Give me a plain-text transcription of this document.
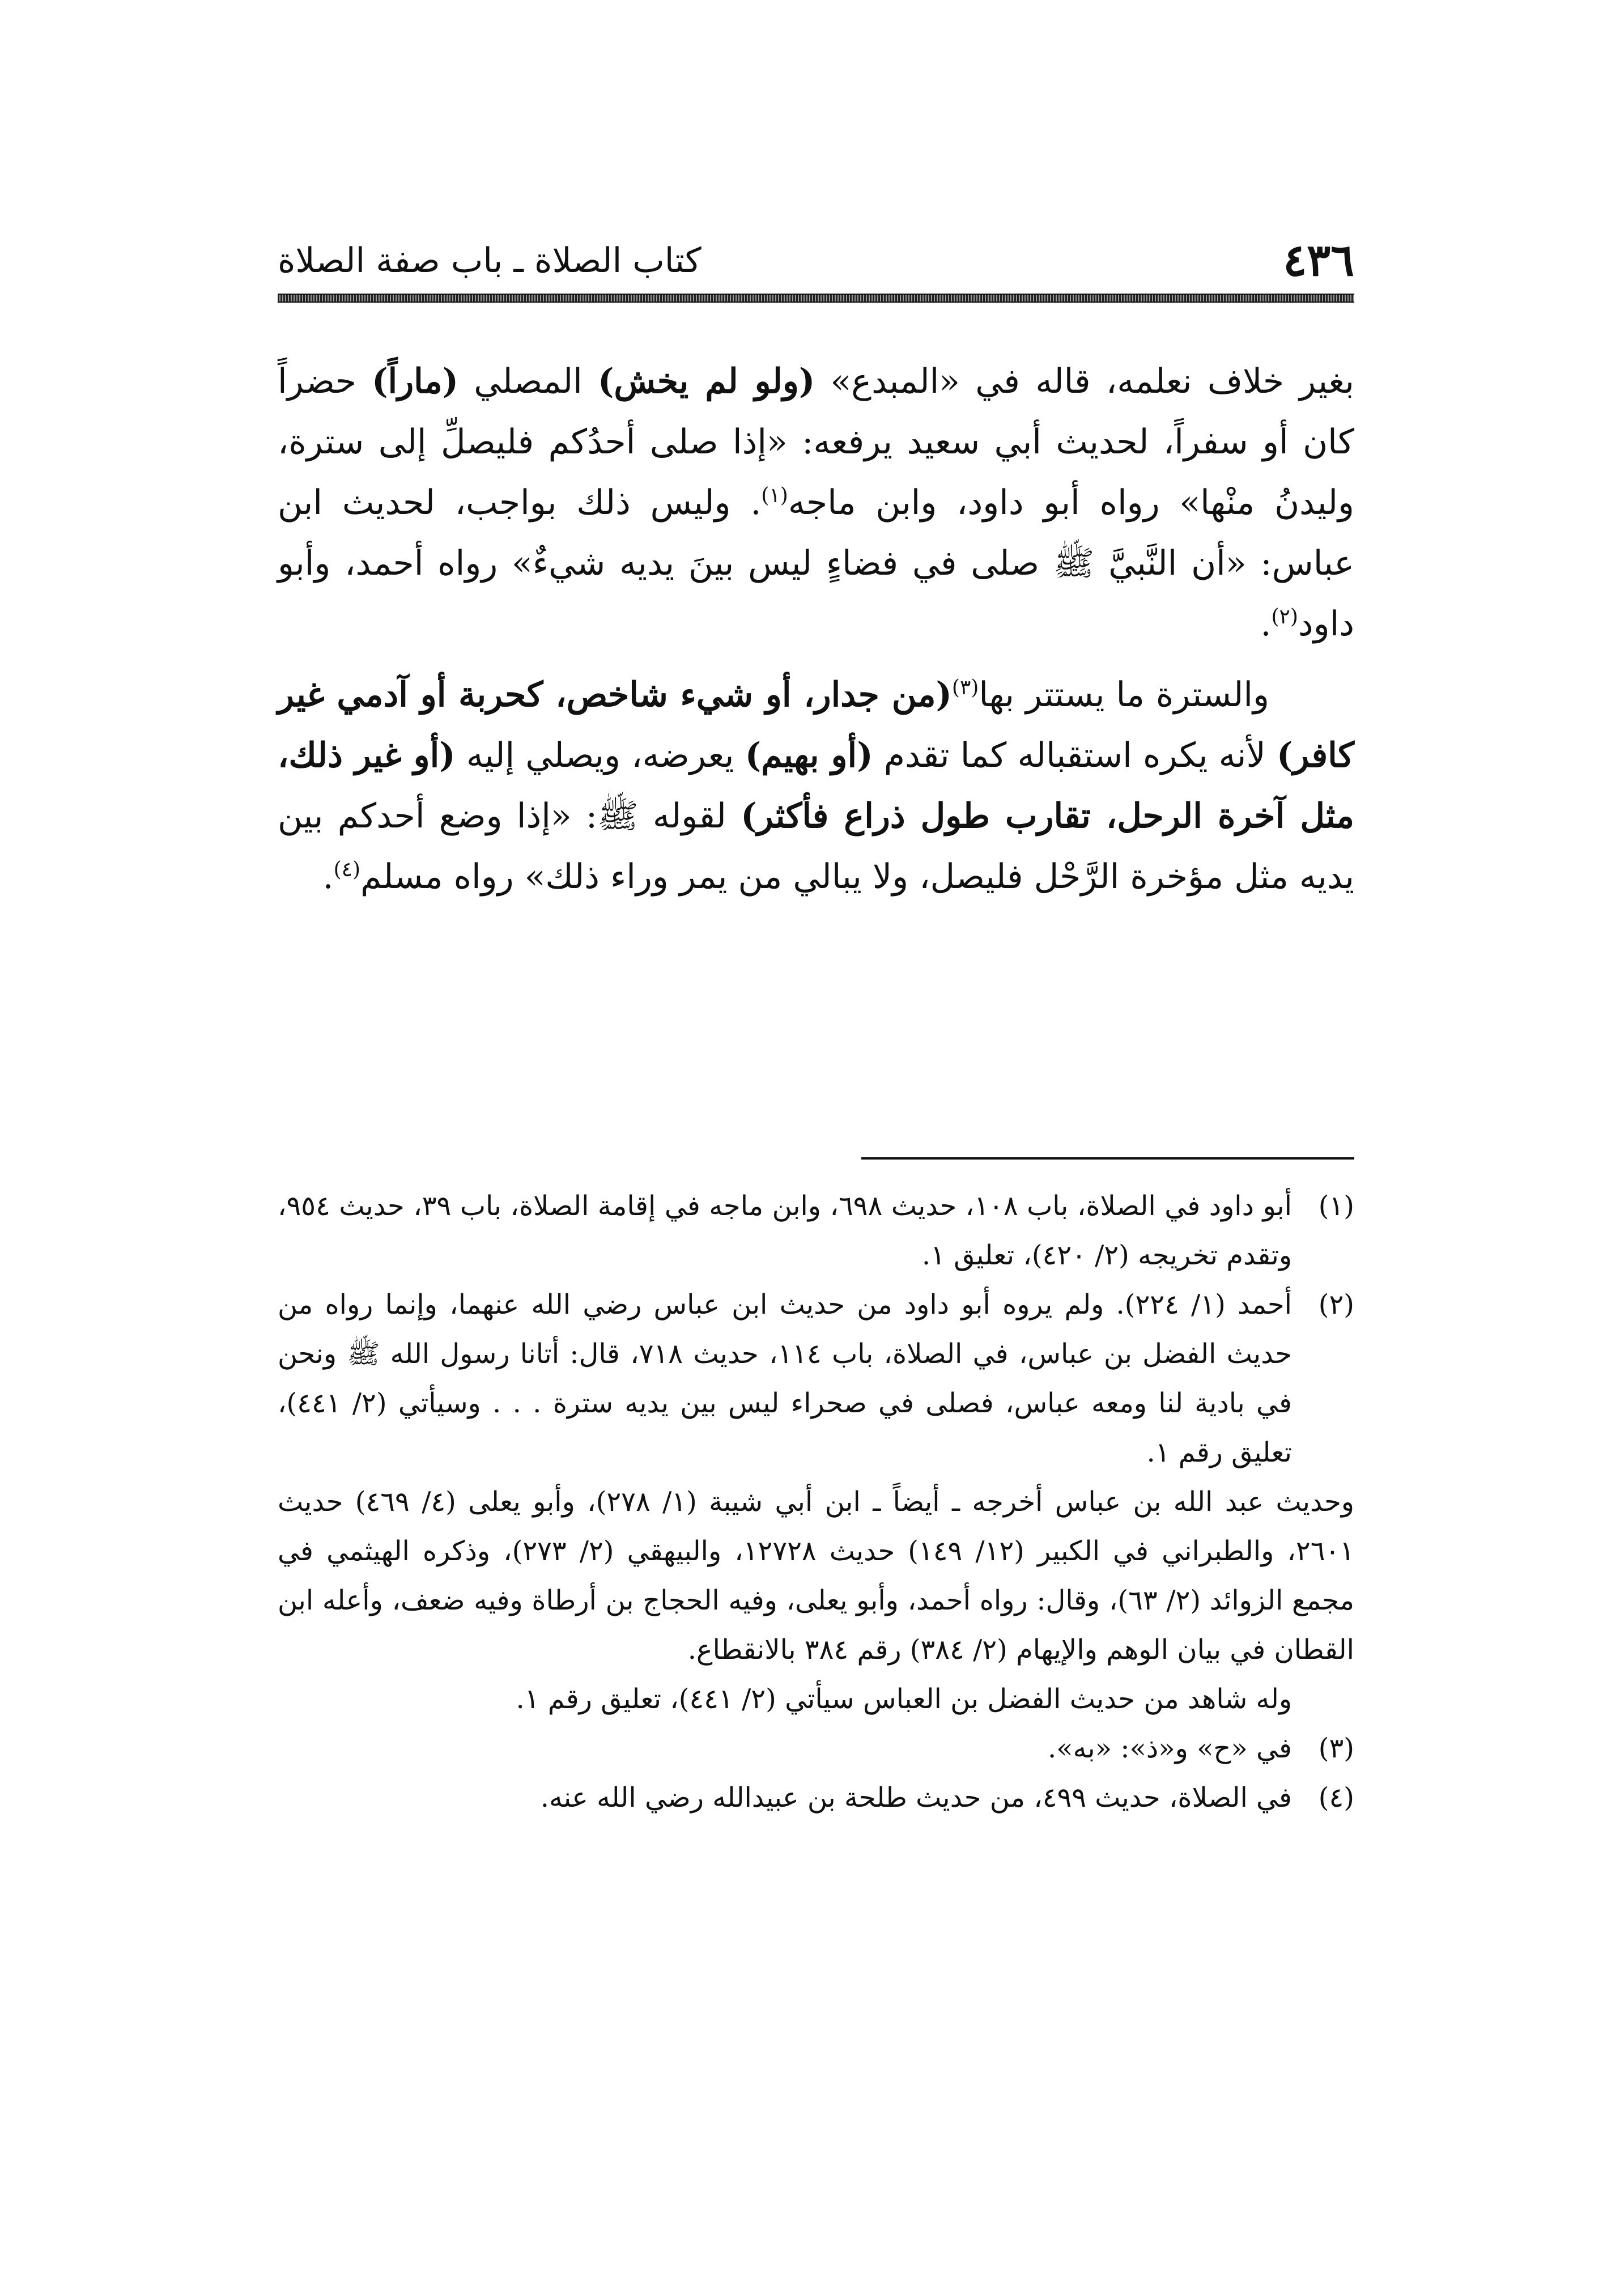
٤٣٦
كتاب الصلاة ـ باب صفة الصلاة

بغير خلاف نعلمه، قاله في «المبدع» (ولو لم يخش) المصلي (ماراً) حضراً كان أو سفراً، لحديث أبي سعيد يرفعه: «إذا صلى أحدُكم فليصلِّ إلى سترة، وليدنُ منْها» رواه أبو داود، وابن ماجه$^{(١)}$. وليس ذلك بواجب، لحديث ابن عباس: «أن النَّبيَّ ﷺ صلى في فضاءٍ ليس بينَ يديه شيءٌ» رواه أحمد، وأبو داود$^{(٢)}$.

والسترة ما يستتر بها$^{(٣)}$(من جدار، أو شيء شاخص، كحربة أو آدمي غير كافر) لأنه يكره استقباله كما تقدم (أو بهيم) يعرضه، ويصلي إليه (أو غير ذلك، مثل آخرة الرحل، تقارب طول ذراع فأكثر) لقوله ﷺ: «إذا وضع أحدكم بين يديه مثل مؤخرة الرَّحْل فليصل، ولا يبالي من يمر وراء ذلك» رواه مسلم$^{(٤)}$.

(١)
أبو داود في الصلاة، باب ١٠٨، حديث ٦٩٨، وابن ماجه في إقامة الصلاة، باب ٣٩، حديث ٩٥٤، وتقدم تخريجه (٢/ ٤٢٠)، تعليق ١.
(٢)
أحمد (١/ ٢٢٤). ولم يروه أبو داود من حديث ابن عباس رضي الله عنهما، وإنما رواه من حديث الفضل بن عباس، في الصلاة، باب ١١٤، حديث ٧١٨، قال: أتانا رسول الله ﷺ ونحن في بادية لنا ومعه عباس، فصلى في صحراء ليس بين يديه سترة . . . وسيأتي (٢/ ٤٤١)، تعليق رقم ١.
وحديث عبد الله بن عباس أخرجه ـ أيضاً ـ ابن أبي شيبة (١/ ٢٧٨)، وأبو يعلى (٤/ ٤٦٩) حديث ٢٦٠١، والطبراني في الكبير (١٢/ ١٤٩) حديث ١٢٧٢٨، والبيهقي (٢/ ٢٧٣)، وذكره الهيثمي في مجمع الزوائد (٢/ ٦٣)، وقال: رواه أحمد، وأبو يعلى، وفيه الحجاج بن أرطاة وفيه ضعف، وأعله ابن القطان في بيان الوهم والإيهام (٢/ ٣٨٤) رقم ٣٨٤ بالانقطاع.
وله شاهد من حديث الفضل بن العباس سيأتي (٢/ ٤٤١)، تعليق رقم ١.
(٣)
في «ح» و«ذ»: «به».
(٤)
في الصلاة، حديث ٤٩٩، من حديث طلحة بن عبيدالله رضي الله عنه.
